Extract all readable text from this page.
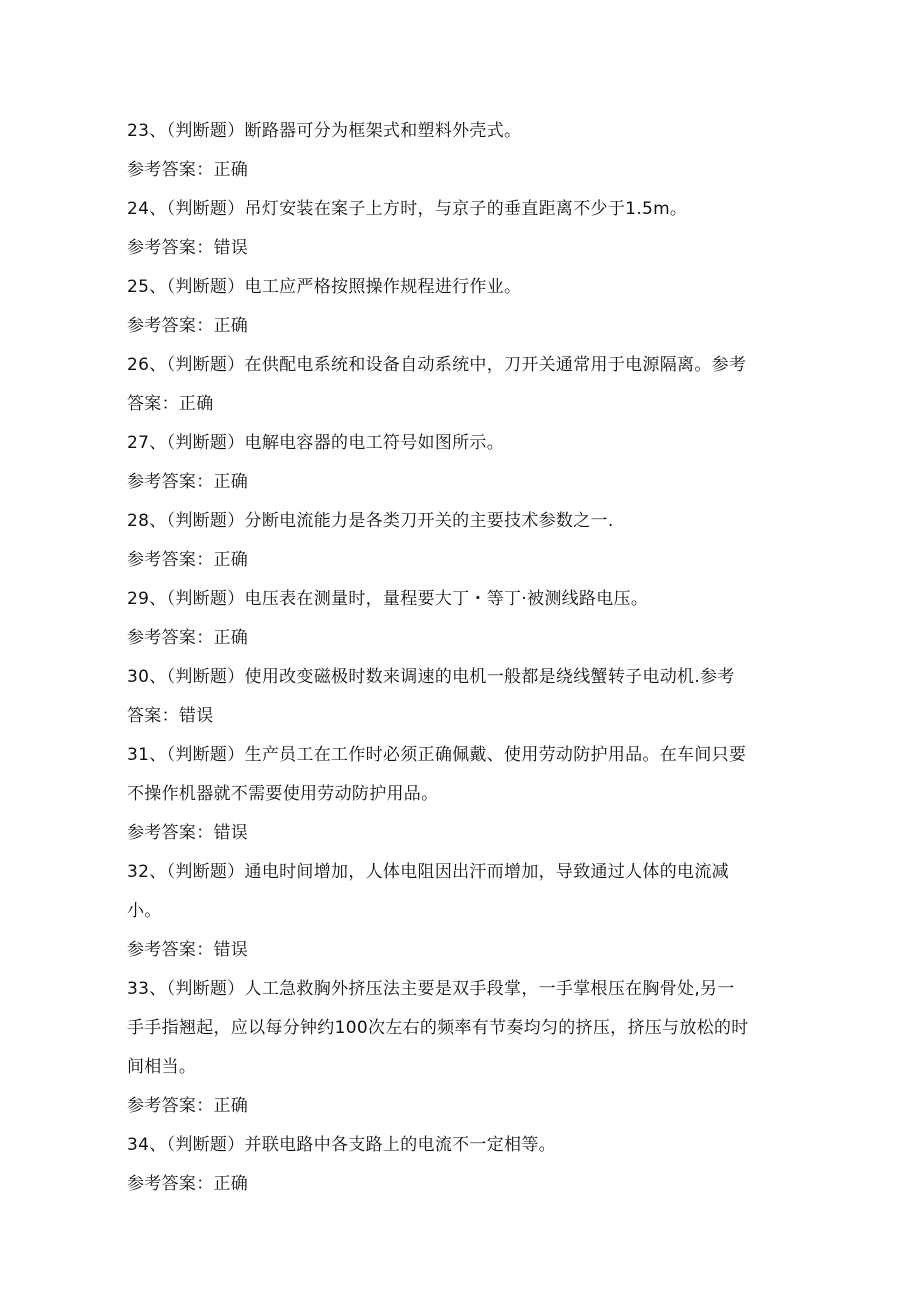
23、（判断题）断路器可分为框架式和塑料外壳式。
参考答案：正确
24、（判断题）吊灯安装在案子上方时，与京子的垂直距离不少于1.5m。
参考答案：错误
25、（判断题）电工应严格按照操作规程进行作业。
参考答案：正确
26、（判断题）在供配电系统和设备自动系统中，刀开关通常用于电源隔离。参考
答案：正确
27、（判断题）电解电容器的电工符号如图所示。
参考答案：正确
28、（判断题）分断电流能力是各类刀开关的主要技术参数之一.
参考答案：正确
29、（判断题）电压表在测量时，量程要大丁・等丁·被测线路电压。
参考答案：正确
30、（判断题）使用改变磁极时数来调速的电机一般都是绕线蟹转子电动机.参考
答案：错误
31、（判断题）生产员工在工作时必须正确佩戴、使用劳动防护用品。在车间只要
不操作机器就不需要使用劳动防护用品。
参考答案：错误
32、（判断题）通电时间增加，人体电阻因出汗而增加，导致通过人体的电流减
小。
参考答案：错误
33、（判断题）人工急救胸外挤压法主要是双手段掌，一手掌根压在胸骨处,另一
手手指翘起，应以每分钟约100次左右的频率有节奏均匀的挤压，挤压与放松的时
间相当。
参考答案：正确
34、（判断题）并联电路中各支路上的电流不一定相等。
参考答案：正确
